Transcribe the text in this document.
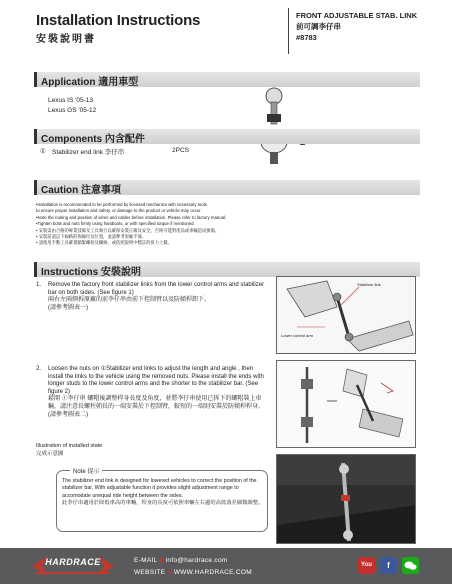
Installation Instructions
安裝說明書
FRONT ADJUSTABLE STAB. LINK
前可調李仔串
#8783
Application 適用車型
Lexus IS '05-13
Lexus GS '05-12
Components 內含配件
① Stabilizer end link 李仔串	2PCS
Caution 注意事項
•Installation is recommended to be performed by licensed mechanics with necessary tools
to ensure proper installation and safety, or damage to the product or vehicle may occur.
•Note the routing and position of wires and cables before installation. Please refer to factory manual.
•Tighten bolts and nuts firmly using handtools, or with specified torque if mentioned.
• 安裝需由合格的專業技師及工具執行以確保安裝正確及安全，否則可能對產品或車輛造成損傷。
• 安裝前請記下線路的佈線位及位置，並請參考原廠手冊。
• 請使用手動工具確實鎖緊螺栓及螺絲，或依照說明中標註的扭力上鎖。
Instructions 安裝說明
1. Remove the factory front stabilizer links from the lower control arms and stabilizer bar on both sides. (See figure 1)
兩右左兩側拆原廠的前李仔串由前下控制臂以及防傾桿卸下。
(請參考圖表一)
2. Loosen the nuts on ①Stabilizer end links to adjust the length and angle , then install the links to the vehicle using the removed nuts. Please install the ends with longer studs to the lower control arms and the shorter to the stabilizer bar. (See figure 2)
鬆開 ①李仔串 螺帽後調整桿身長度及角度，並將李仔串使用已拆下的螺帽裝上車輛，請注意長螺柱朝長的一端安裝於下控制臂，較短的一端則安裝於防傾桿桿身。
(請參考圖表二)
Illustration of installed state
完成示意圖
Note 提示
The stabilizer end link is designed for lowered vehicles to correct the position of the stabilizer bar. With adjustable function it provides slight adjustment range to accomodate unequal ride height between the sides.
此李仔串適用於降低車高的車輛，桿身的長度可依照車輛左右邊的高低落差細微調整。
Stabilizer link
Lower control arm
HARDRACE	E-MAIL ■ info@hardrace.com
WEBSITE ● WWW.HARDRACE.COM
You	f
